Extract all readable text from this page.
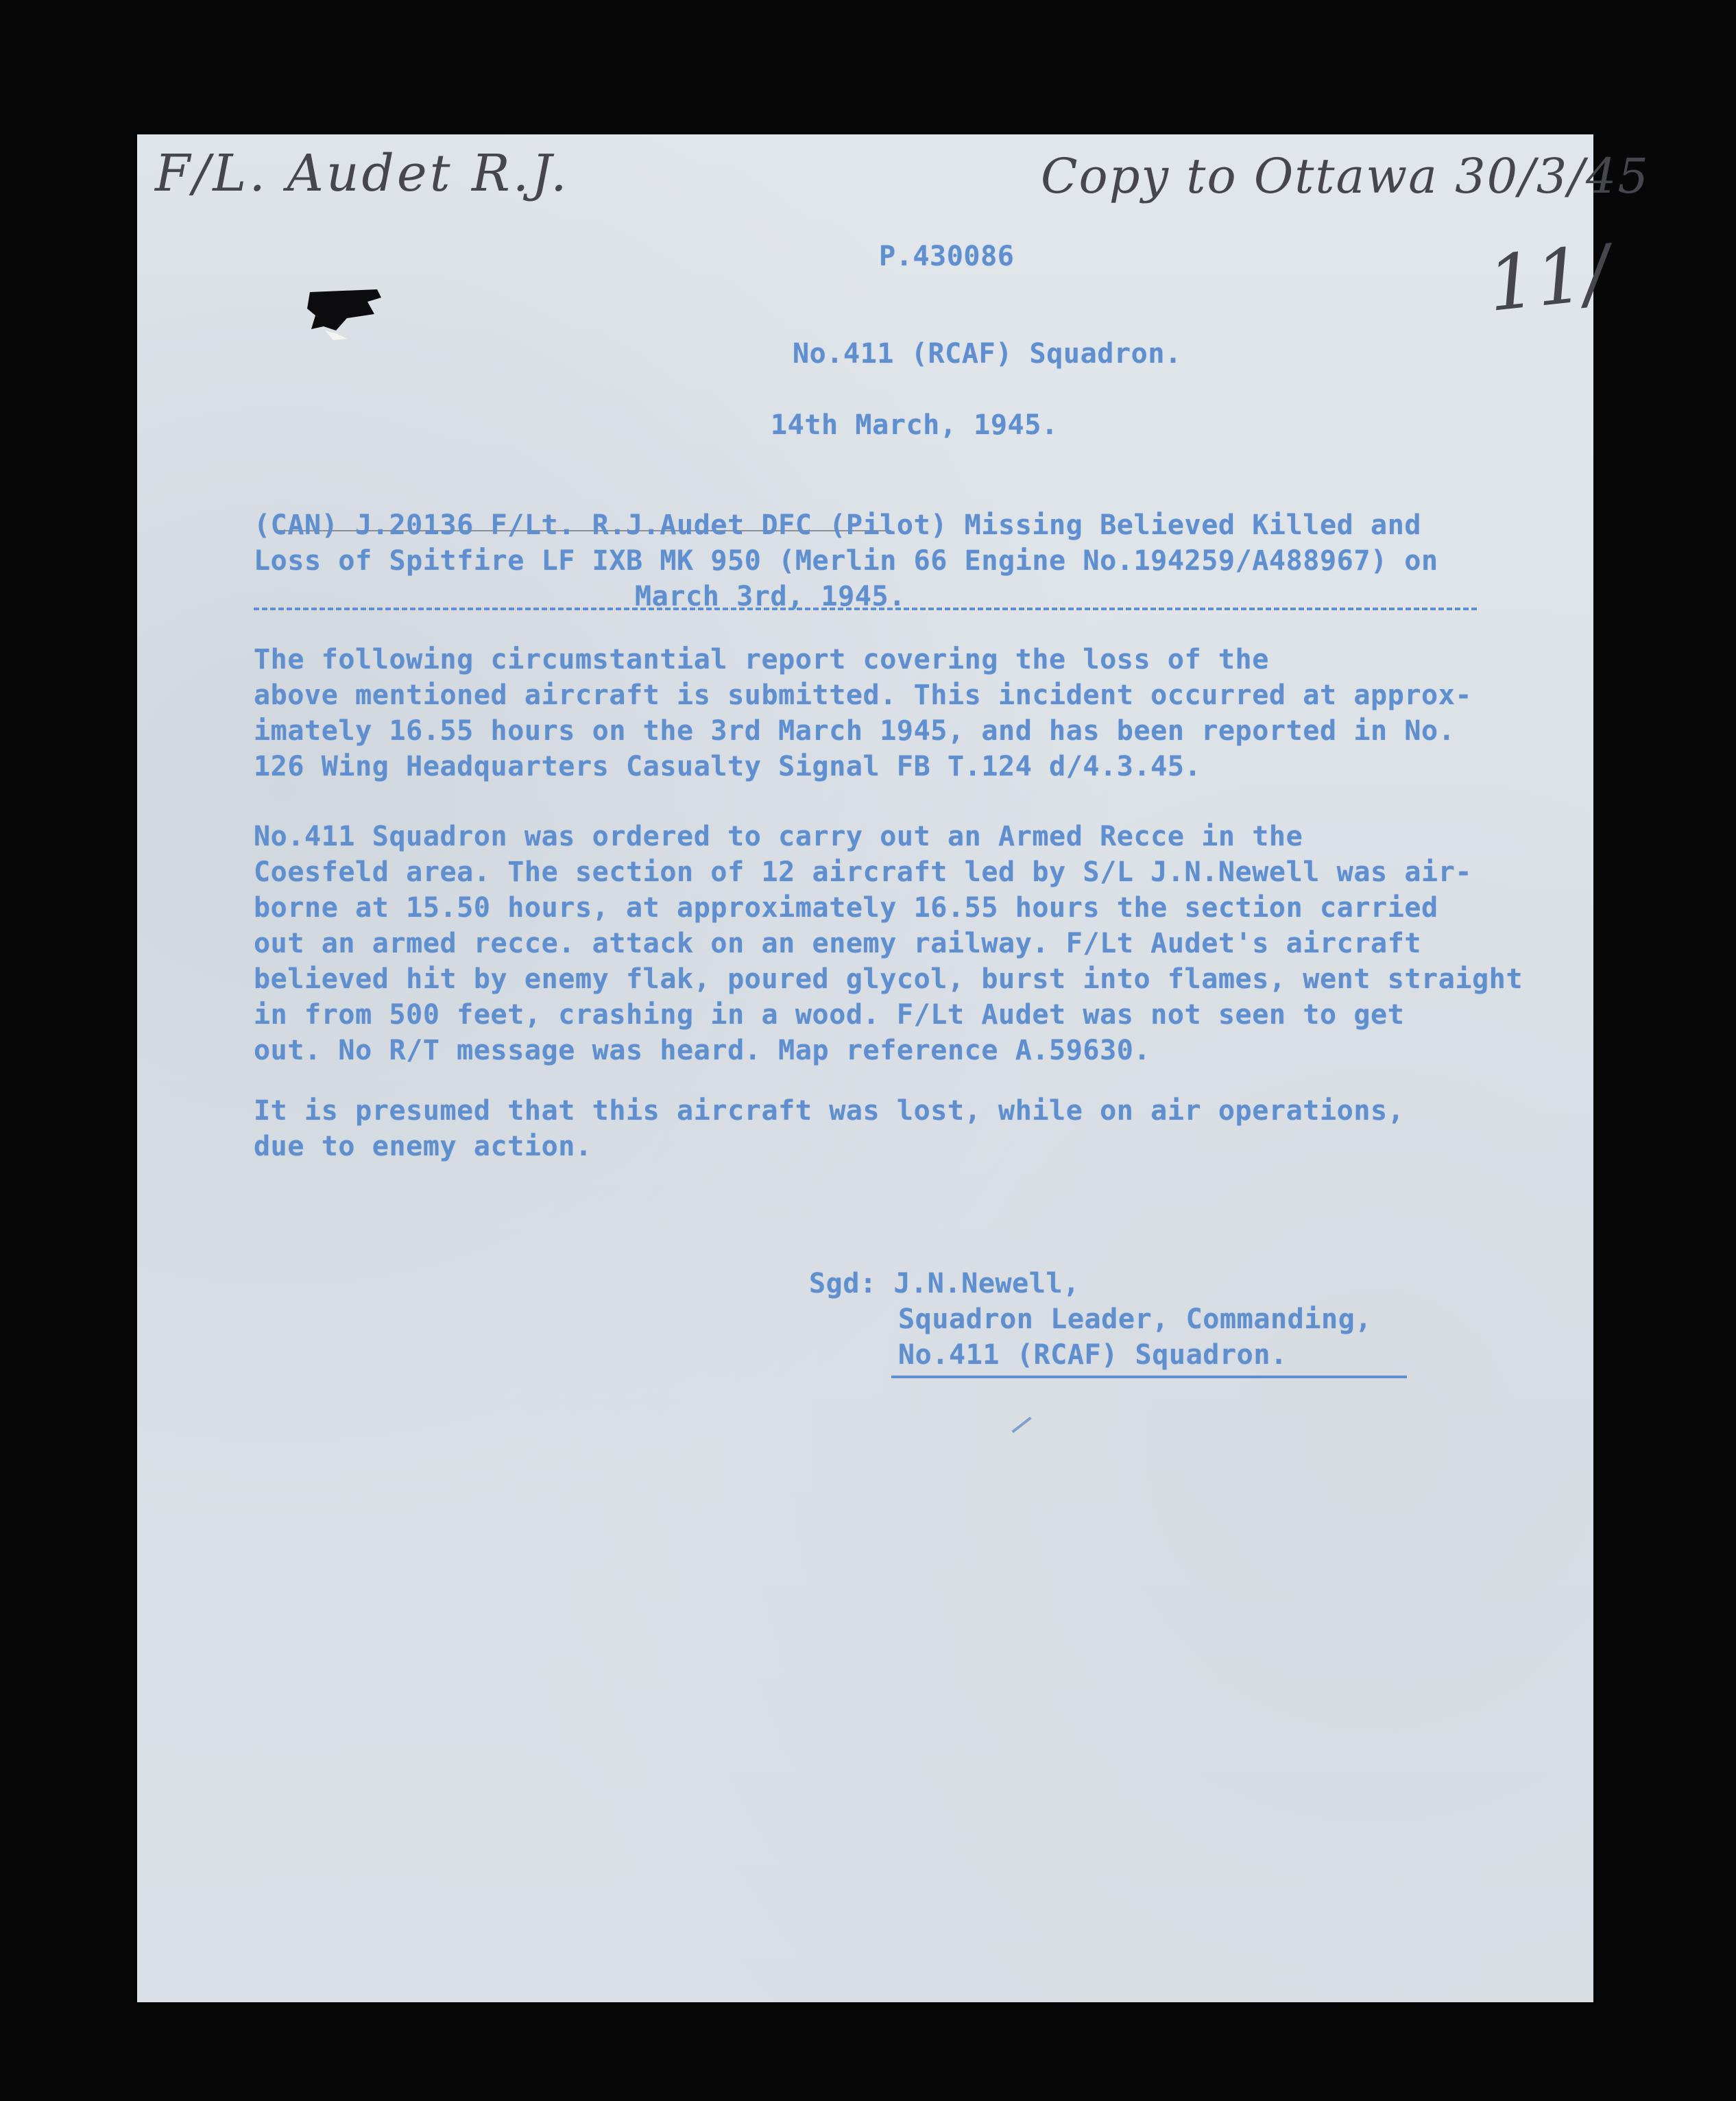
F/L. Audet R.J.	Copy to Ottawa 30/3/45
11/
P.430086
No.411 (RCAF) Squadron.
14th March, 1945.
(CAN) J.20136 F/Lt. R.J.Audet DFC (Pilot) Missing Believed Killed and
Loss of Spitfire LF IXB MK 950 (Merlin 66 Engine No.194259/A488967) on
March 3rd, 1945.
The following circumstantial report covering the loss of the
above mentioned aircraft is submitted. This incident occurred at approx-
imately 16.55 hours on the 3rd March 1945, and has been reported in No.
126 Wing Headquarters Casualty Signal FB T.124 d/4.3.45.
No.411 Squadron was ordered to carry out an Armed Recce in the
Coesfeld area. The section of 12 aircraft led by S/L J.N.Newell was air-
borne at 15.50 hours, at approximately 16.55 hours the section carried
out an armed recce. attack on an enemy railway. F/Lt Audet's aircraft
believed hit by enemy flak, poured glycol, burst into flames, went straight
in from 500 feet, crashing in a wood. F/Lt Audet was not seen to get
out. No R/T message was heard. Map reference A.59630.
It is presumed that this aircraft was lost, while on air operations,
due to enemy action.
Sgd: J.N.Newell,
Squadron Leader, Commanding,
No.411 (RCAF) Squadron.
